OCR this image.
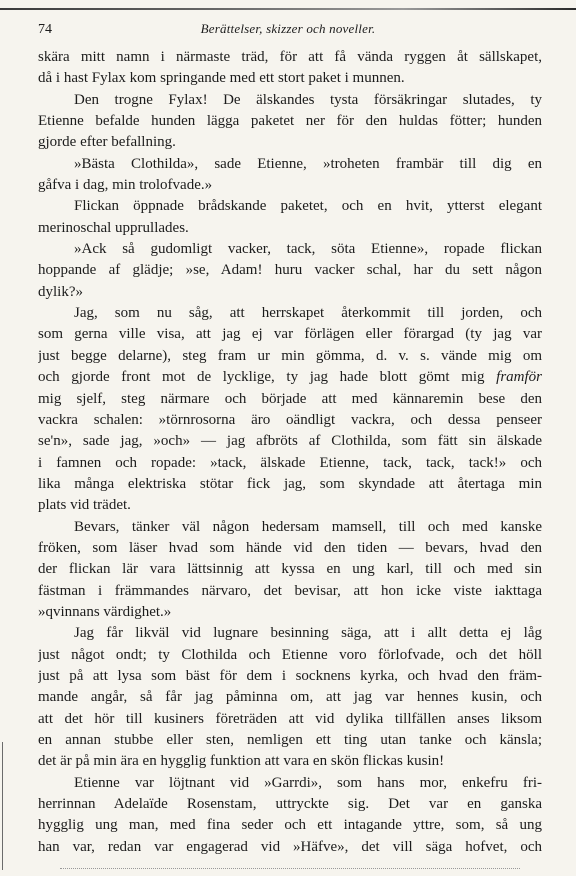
74	Berättelser, skizzer och noveller.
skära mitt namn i närmaste träd, för att få vända ryggen åt sällskapet,
då i hast Fylax kom springande med ett stort paket i munnen.
Den trogne Fylax! De älskandes tysta försäkringar slutades, ty
Etienne befalde hunden lägga paketet ner för den huldas fötter; hunden
gjorde efter befallning.
»Bästa Clothilda», sade Etienne, »troheten frambär till dig en
gåfva i dag, min trolofvade.»
Flickan öppnade brådskande paketet, och en hvit, ytterst elegant
merinoschal upprullades.
»Ack så gudomligt vacker, tack, söta Etienne», ropade flickan
hoppande af glädje; »se, Adam! huru vacker schal, har du sett någon
dylik?»
Jag, som nu såg, att herrskapet återkommit till jorden, och
som gerna ville visa, att jag ej var förlägen eller förargad (ty jag var
just begge delarne), steg fram ur min gömma, d. v. s. vände mig om
och gjorde front mot de lycklige, ty jag hade blott gömt mig framför
mig sjelf, steg närmare och började att med kännaremin bese den
vackra schalen: »törnrosorna äro oändligt vackra, och dessa penseer
se'n», sade jag, »och» — jag afbröts af Clothilda, som fätt sin älskade
i famnen och ropade: »tack, älskade Etienne, tack, tack, tack!» och
lika många elektriska stötar fick jag, som skyndade att återtaga min
plats vid trädet.
Bevars, tänker väl någon hedersam mamsell, till och med kanske
fröken, som läser hvad som hände vid den tiden — bevars, hvad den
der flickan lär vara lättsinnig att kyssa en ung karl, till och med sin
fästman i främmandes närvaro, det bevisar, att hon icke viste iakttaga
»qvinnans värdighet.»
Jag får likväl vid lugnare besinning säga, att i allt detta ej låg
just något ondt; ty Clothilda och Etienne voro förlofvade, och det höll
just på att lysa som bäst för dem i socknens kyrka, och hvad den främ-
mande angår, så får jag påminna om, att jag var hennes kusin, och
att det hör till kusiners företräden att vid dylika tillfällen anses liksom
en annan stubbe eller sten, nemligen ett ting utan tanke och känsla;
det är på min ära en hygglig funktion att vara en skön flickas kusin!
Etienne var löjtnant vid »Garrdi», som hans mor, enkefru fri-
herrinnan Adelaïde Rosenstam, uttryckte sig. Det var en ganska
hygglig ung man, med fina seder och ett intagande yttre, som, så ung
han var, redan var engagerad vid »Häfve», det vill säga hofvet, och
